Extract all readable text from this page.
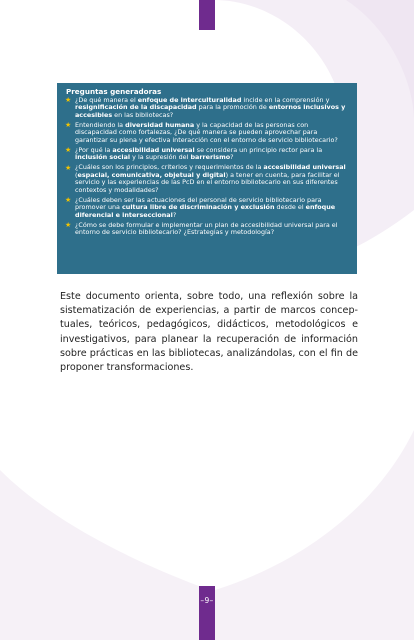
Preguntas generadoras

★ ¿De qué manera el enfoque de interculturalidad incide en la comprensión y resignificación de la discapacidad para la promoción de entornos inclusivos y accesibles en las bibliotecas?
★ Entendiendo la diversidad humana y la capacidad de las personas con discapacidad como fortalezas, ¿De qué manera se pueden aprovechar para garantizar su plena y efectiva interacción con el entorno de servicio bibliotecario?
★ ¿Por qué la accesibilidad universal se considera un principio rector para la inclusión social y la supresión del barrerismo?
★ ¿Cuáles son los principios, criterios y requerimientos de la accesibilidad universal (espacial, comunicativa, objetual y digital) a tener en cuenta, para facilitar el servicio y las experiencias de las PcD en el entorno bibliotecario en sus diferentes contextos y modalidades?
★ ¿Cuáles deben ser las actuaciones del personal de servicio bibliotecario para promover una cultura libre de discriminación y exclusión desde el enfoque diferencial e interseccional?
★ ¿Cómo se debe formular e implementar un plan de accesibilidad universal para el entorno de servicio bibliotecario? ¿Estrategias y metodología?

Este documento orienta, sobre todo, una reflexión sobre la sistematización de experiencias, a partir de marcos conceptuales, teóricos, pedagógicos, didácticos, metodológicos e investigativos, para planear la recuperación de información sobre prácticas en las bibliotecas, analizándolas, con el fin de proponer transformaciones.

–9–
